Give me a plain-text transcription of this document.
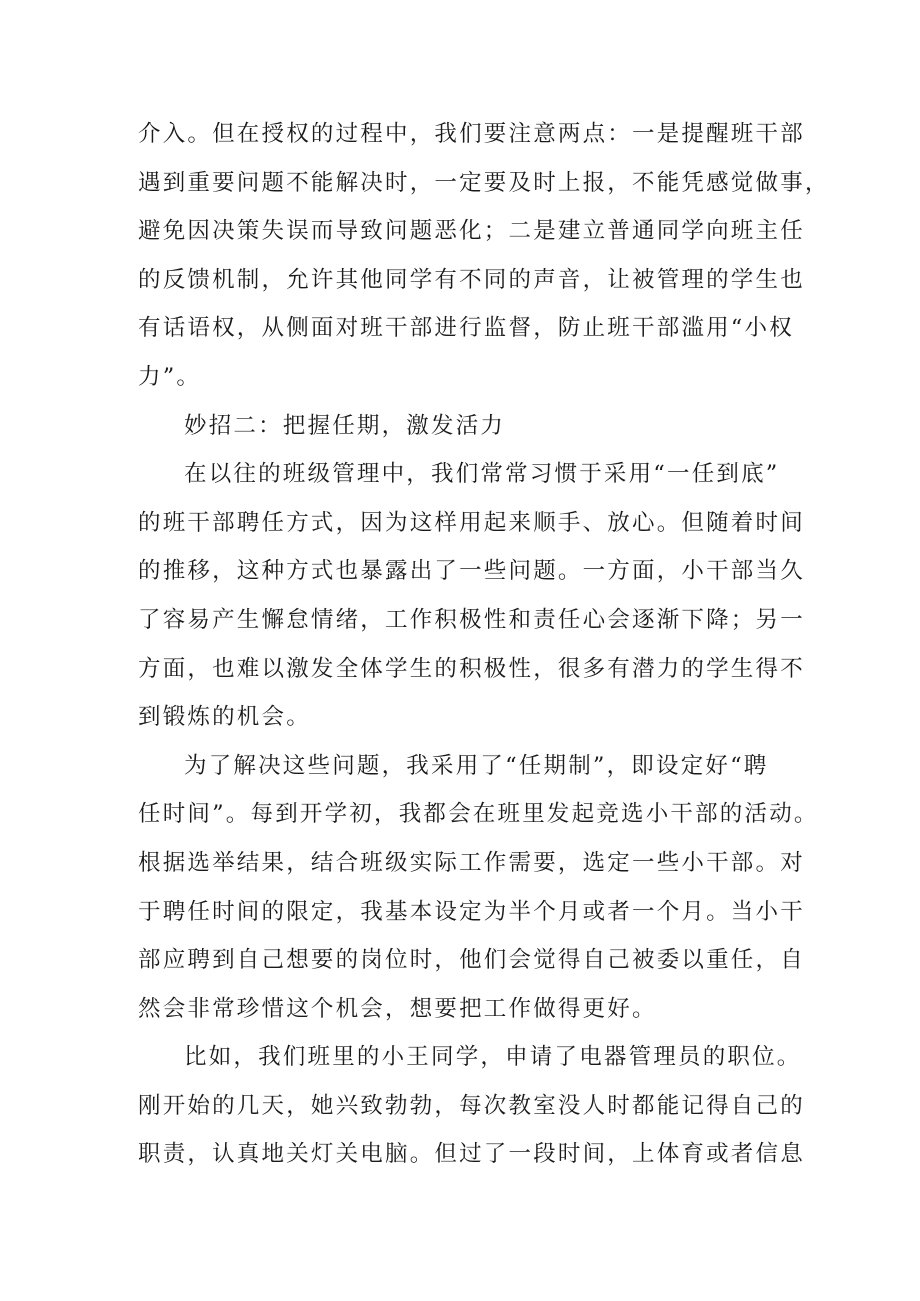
介入。但在授权的过程中，我们要注意两点：一是提醒班干部
遇到重要问题不能解决时，一定要及时上报，不能凭感觉做事，
避免因决策失误而导致问题恶化；二是建立普通同学向班主任
的反馈机制，允许其他同学有不同的声音，让被管理的学生也
有话语权，从侧面对班干部进行监督，防止班干部滥用“小权
力”。
妙招二：把握任期，激发活力
在以往的班级管理中，我们常常习惯于采用“一任到底”
的班干部聘任方式，因为这样用起来顺手、放心。但随着时间
的推移，这种方式也暴露出了一些问题。一方面，小干部当久
了容易产生懈怠情绪，工作积极性和责任心会逐渐下降；另一
方面，也难以激发全体学生的积极性，很多有潜力的学生得不
到锻炼的机会。
为了解决这些问题，我采用了“任期制”，即设定好“聘
任时间”。每到开学初，我都会在班里发起竞选小干部的活动。
根据选举结果，结合班级实际工作需要，选定一些小干部。对
于聘任时间的限定，我基本设定为半个月或者一个月。当小干
部应聘到自己想要的岗位时，他们会觉得自己被委以重任，自
然会非常珍惜这个机会，想要把工作做得更好。
比如，我们班里的小王同学，申请了电器管理员的职位。
刚开始的几天，她兴致勃勃，每次教室没人时都能记得自己的
职责，认真地关灯关电脑。但过了一段时间，上体育或者信息
